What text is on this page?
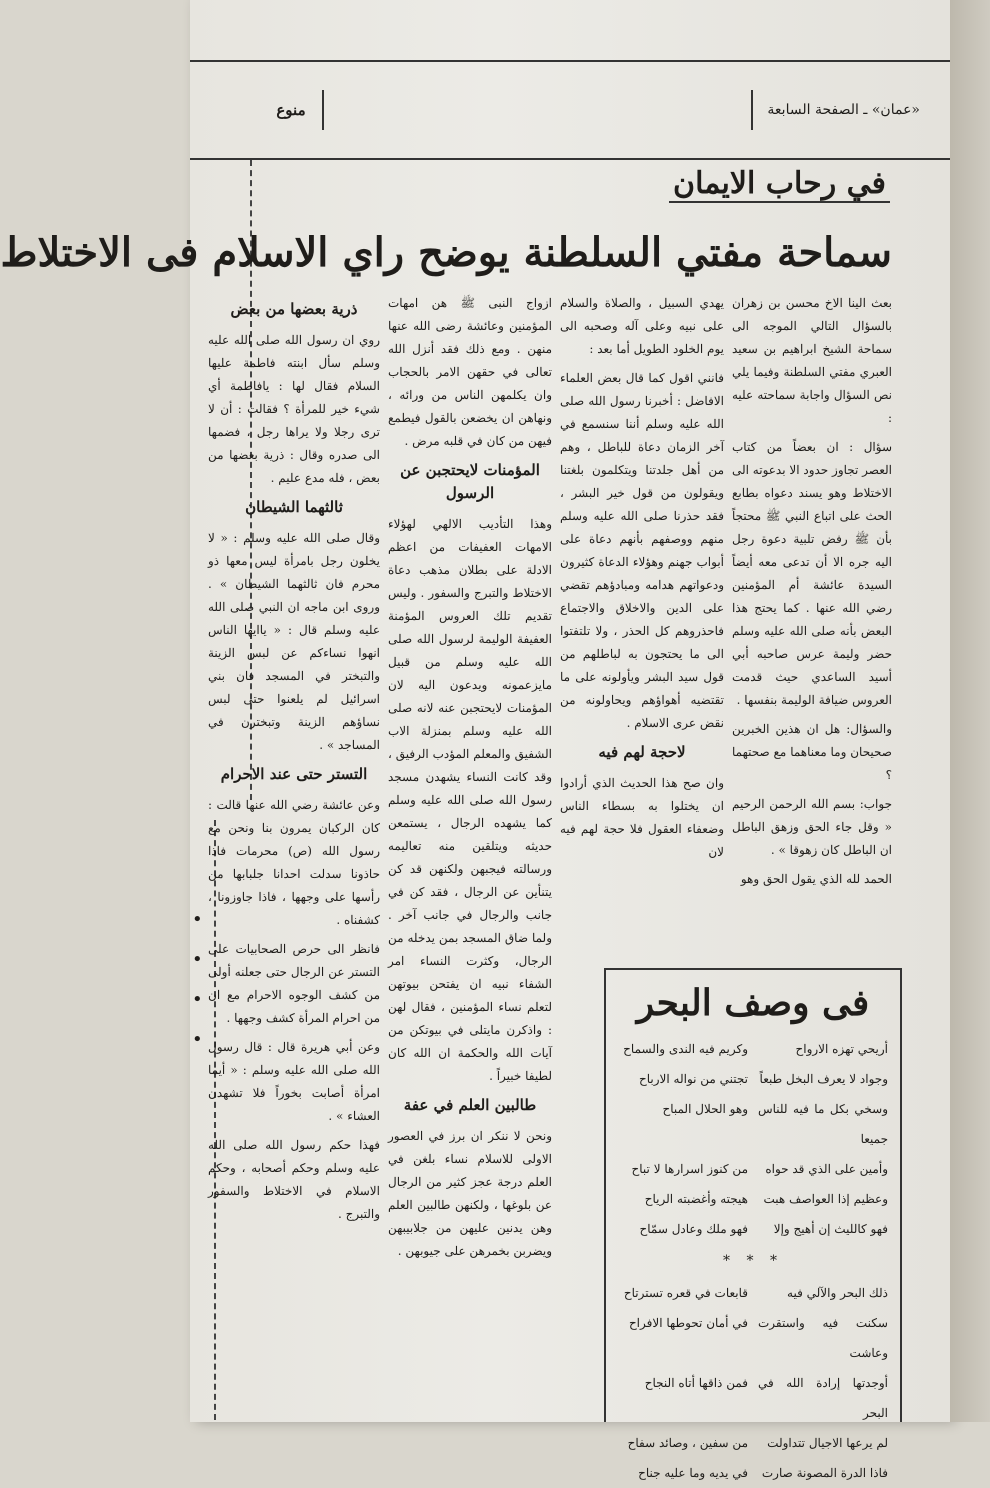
منوع	«عمان» ـ الصفحة السابعة
•
•
•
•
في رحاب الايمان
سماحة مفتي السلطنة يوضح راي الاسلام فى الاختلاط

بعث الينا الاخ محسن بن زهران بالسؤال التالي الموجه الى سماحة الشيخ ابراهيم بن سعيد العبري مفتي السلطنة وفيما يلي نص السؤال واجابة سماحته عليه :

سؤال : ان بعضاً من كتاب العصر تجاوز حدود الا بدعوته الى الاختلاط وهو يسند دعواه بطابع الحث على اتباع النبي ﷺ محتجاً بأن ﷺ رفض تلبية دعوة رجل اليه جره الا أن تدعى معه أيضاً السيدة عائشة أم المؤمنين رضي الله عنها . كما يحتج هذا البعض بأنه صلى الله عليه وسلم حضر وليمة عرس صاحبه أبي أسيد الساعدي حيث قدمت العروس ضيافة الوليمة بنفسها .

والسؤال: هل ان هذين الخبرين صحيحان وما معناهما مع صحتهما ؟

جواب: بسم الله الرحمن الرحيم « وقل جاء الحق وزهق الباطل ان الباطل كان زهوقا » .

الحمد لله الذي يقول الحق وهو

يهدي السبيل ، والصلاة والسلام على نبيه وعلى آله وصحبه الى يوم الخلود الطويل أما بعد :

فانني اقول كما قال بعض العلماء الافاضل : أخبرنا رسول الله صلى الله عليه وسلم أننا سنسمع في آخر الزمان دعاة للباطل ، وهم من أهل جلدتنا ويتكلمون بلغتنا ويقولون من قول خير البشر ، فقد حذرنا صلى الله عليه وسلم منهم ووصفهم بأنهم دعاة على أبواب جهنم وهؤلاء الدعاة كثيرون ودعواتهم هدامه ومبادؤهم تقضي على الدين والاخلاق والاجتماع فاحذروهم كل الحذر ، ولا تلتفتوا الى ما يحتجون به لباطلهم من قول سيد البشر ويأولونه على ما تقتضيه أهواؤهم ويحاولونه من نقض عرى الاسلام .

لاحجة لهم فيه

وان صح هذا الحديث الذي أرادوا ان يختلوا به بسطاء الناس وضعفاء العقول فلا حجة لهم فيه لان

ازواج النبى ﷺ هن امهات المؤمنين وعائشة رضى الله عنها منهن . ومع ذلك فقد أنزل الله تعالى في حقهن الامر بالحجاب وان يكلمهن الناس من ورائه ، ونهاهن ان يخضعن بالقول فيطمع فيهن من كان في قلبه مرض .

المؤمنات لايحتجبن عن الرسول

وهذا التأديب الالهي لهؤلاء الامهات العفيفات من اعظم الادلة على بطلان مذهب دعاة الاختلاط والتبرج والسفور . وليس تقديم تلك العروس المؤمنة العفيفة الوليمة لرسول الله صلى الله عليه وسلم من قبيل مايزعمونه ويدعون اليه لان المؤمنات لايحتجبن عنه لانه صلى الله عليه وسلم بمنزلة الاب الشفيق والمعلم المؤدب الرفيق ، وقد كانت النساء يشهدن مسجد رسول الله صلى الله عليه وسلم كما يشهده الرجال ، يستمعن حديثه ويتلقين منه تعاليمه ورسالته فيجبهن ولكنهن قد كن يتنأين عن الرجال ، فقد كن في جانب والرجال في جانب آخر . ولما ضاق المسجد بمن يدخله من الرجال، وكثرت النساء امر الشفاء نبيه ان يفتحن بيوتهن لتعلم نساء المؤمنين ، فقال لهن : واذكرن مايتلى في بيوتكن من آيات الله والحكمة ان الله كان لطيفا خبيراً .

طالبين العلم في عفة

ونحن لا ننكر ان برز في العصور الاولى للاسلام نساء بلغن في العلم درجة عجز كثير من الرجال عن بلوغها ، ولكنهن طالبين العلم وهن يدنين عليهن من جلابيبهن ويضربن بخمرهن على جيوبهن .

ذرية بعضها من بعض

روي ان رسول الله صلى الله عليه وسلم سأل ابنته فاطمة عليها السلام فقال لها : يافاطمة أي شيء خير للمرأة ؟ فقالت : أن لا ترى رجلا ولا يراها رجل ، فضمها الى صدره وقال : ذرية بعضها من بعض ، فله مدع عليم .

ثالثهما الشيطان

وقال صلى الله عليه وسلم : « لا يخلون رجل بامرأة ليس معها ذو محرم فان ثالثهما الشيطان » . وروى ابن ماجه ان النبي صلى الله عليه وسلم قال : « ياايها الناس انهوا نساءكم عن لبس الزينة والتبختر في المسجد فان بني اسرائيل لم يلعنوا حتى لبس نساؤهم الزينة وتبخترن في المساجد » .

التستر حتى عند الاحرام

وعن عائشة رضي الله عنها قالت : كان الركبان يمرون بنا ونحن مع رسول الله (ص) محرمات فاذا حاذونا سدلت احدانا جلبابها من رأسها على وجهها ، فاذا جاوزونا ، كشفناه .

فانظر الى حرص الصحابيات على التستر عن الرجال حتى جعلنه أولى من كشف الوجوه الاحرام مع ان من احرام المرأة كشف وجهها .

وعن أبي هريرة قال : قال رسول الله صلى الله عليه وسلم : « أيما امرأة أصابت بخوراً فلا تشهدن العشاء » .

فهذا حكم رسول الله صلى الله عليه وسلم وحكم أصحابه ، وحكم الاسلام في الاختلاط والسفور والتبرج .

فى وصف البحر
أريحي تهزه الارواح
وكريم فيه الندى والسماح
وجواد لا يعرف البخل طبعاً
تجتني من نواله الارباح
وسخي بكل ما فيه للناس جميعا
وهو الحلال المباح
وأمين على الذي قد حواه
من كنوز اسرارها لا تباح
وعظيم إذا العواصف هبت
هيجته وأغضبته الرياح
فهو كالليث إن أهيج وإلا
فهو ملك وعادل سمّاح
* * *
ذلك البحر والآلي فيه
قابعات في قعره تسترتاح
سكنت فيه واستقرت وعاشت
في أمان تحوطها الافراح
أوجدتها إرادة الله في البحر
فمن ذاقها أتاه النجاح
لم يرعها الاجيال تتداولت
من سفين ، وصائد سفاح
فاذا الدرة المصونة صارت
في يديه وما عليه جناح
